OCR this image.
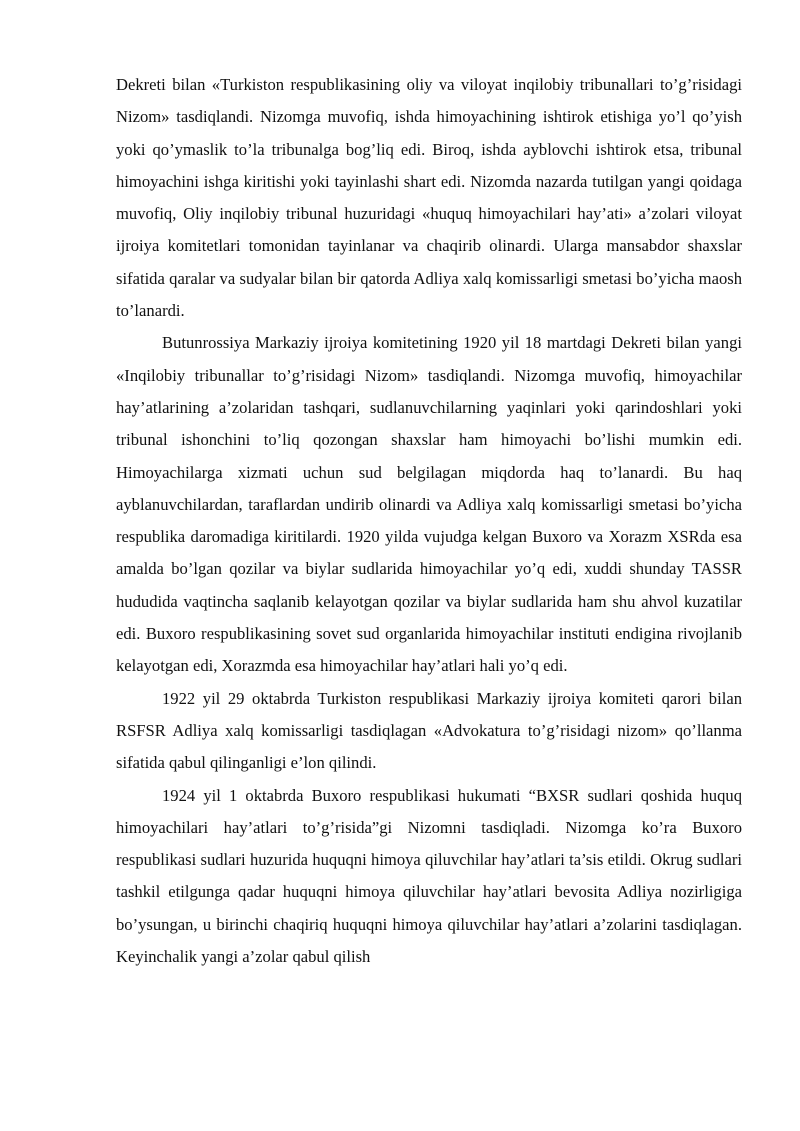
Dekreti bilan «Turkiston respublikasining oliy va viloyat inqilobiy tribunallari to’g’risidagi Nizom» tasdiqlandi. Nizomga muvofiq, ishda himoyachining ishtirok etishiga yo’l qo’yish yoki qo’ymaslik to’la tribunalga bog’liq edi. Biroq, ishda ayblovchi ishtirok etsa, tribunal himoyachini ishga kiritishi yoki tayinlashi shart edi. Nizomda nazarda tutilgan yangi qoidaga muvofiq, Oliy inqilobiy tribunal huzuridagi «huquq himoyachilari hay’ati» a’zolari viloyat ijroiya komitetlari tomonidan tayinlanar va chaqirib olinardi. Ularga mansabdor shaxslar sifatida qaralar va sudyalar bilan bir qatorda Adliya xalq komissarligi smetasi bo’yicha maosh to’lanardi.

Butunrossiya Markaziy ijroiya komitetining 1920 yil 18 martdagi Dekreti bilan yangi «Inqilobiy tribunallar to’g’risidagi Nizom» tasdiqlandi. Nizomga muvofiq, himoyachilar hay’atlarining a’zolaridan tashqari, sudlanuvchilarning yaqinlari yoki qarindoshlari yoki tribunal ishonchini to’liq qozongan shaxslar ham himoyachi bo’lishi mumkin edi. Himoyachilarga xizmati uchun sud belgilagan miqdorda haq to’lanardi. Bu haq ayblanuvchilardan, taraflardan undirib olinardi va Adliya xalq komissarligi smetasi bo’yicha respublika daromadiga kiritilardi. 1920 yilda vujudga kelgan Buxoro va Xorazm XSRda esa amalda bo’lgan qozilar va biylar sudlarida himoyachilar yo’q edi, xuddi shunday TASSR hududida vaqtincha saqlanib kelayotgan qozilar va biylar sudlarida ham shu ahvol kuzatilar edi. Buxoro respublikasining sovet sud organlarida himoyachilar instituti endigina rivojlanib kelayotgan edi, Xorazmda esa himoyachilar hay’atlari hali yo’q edi.

1922 yil 29 oktabrda Turkiston respublikasi Markaziy ijroiya komiteti qarori bilan RSFSR Adliya xalq komissarligi tasdiqlagan «Advokatura to’g’risidagi nizom» qo’llanma sifatida qabul qilinganligi e’lon qilindi.

1924 yil 1 oktabrda Buxoro respublikasi hukumati “BXSR sudlari qoshida huquq himoyachilari hay’atlari to’g’risida”gi Nizomni tasdiqladi. Nizomga ko’ra Buxoro respublikasi sudlari huzurida huquqni himoya qiluvchilar hay’atlari ta’sis etildi. Okrug sudlari tashkil etilgunga qadar huquqni himoya qiluvchilar hay’atlari bevosita Adliya nozirligiga bo’ysungan, u birinchi chaqiriq huquqni himoya qiluvchilar hay’atlari a’zolarini tasdiqlagan. Keyinchalik yangi a’zolar qabul qilish
